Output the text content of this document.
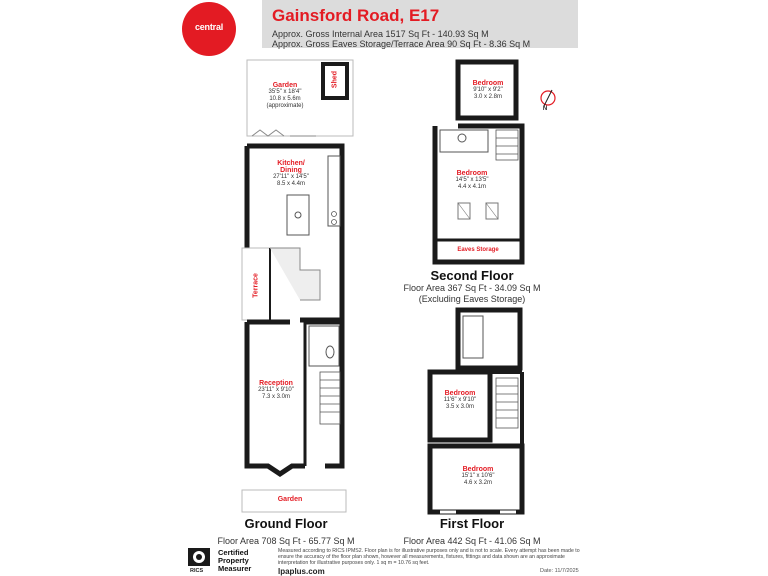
central
Gainsford Road, E17
Approx. Gross Internal Area 1517 Sq Ft - 140.93 Sq M
Approx. Gross Eaves Storage/Terrace Area 90 Sq Ft - 8.36 Sq M
Garden
35'5" x 18'4"
10.8 x 5.6m
(approximate)
Shed
Kitchen/
Dining
27'11" x 14'5"
8.5 x 4.4m
Terrace
Reception
23'11" x 9'10"
7.3 x 3.0m
Garden
Ground Floor
Floor Area 708 Sq Ft - 65.77 Sq M
Bedroom
9'10" x 9'2"
3.0 x 2.8m
Bedroom
14'5" x 13'5"
4.4 x 4.1m
Eaves Storage
Second Floor
Floor Area 367 Sq Ft - 34.09 Sq M
(Excluding Eaves Storage)
N
Bedroom
11'6" x 9'10"
3.5 x 3.0m
Bedroom
15'1" x 10'6"
4.6 x 3.2m
First Floor
Floor Area 442 Sq Ft - 41.06 Sq M
RICS
Certified
Property
Measurer
Measured according to RICS IPMS2. Floor plan is for illustrative purposes only and is not to scale. Every attempt has been made to ensure the accuracy of the floor plan shown, however all measurements, fixtures, fittings and data shown are an approximate interpretation for illustrative purposes only. 1 sq m = 10.76 sq feet.
lpaplus.com	Date: 11/7/2025
